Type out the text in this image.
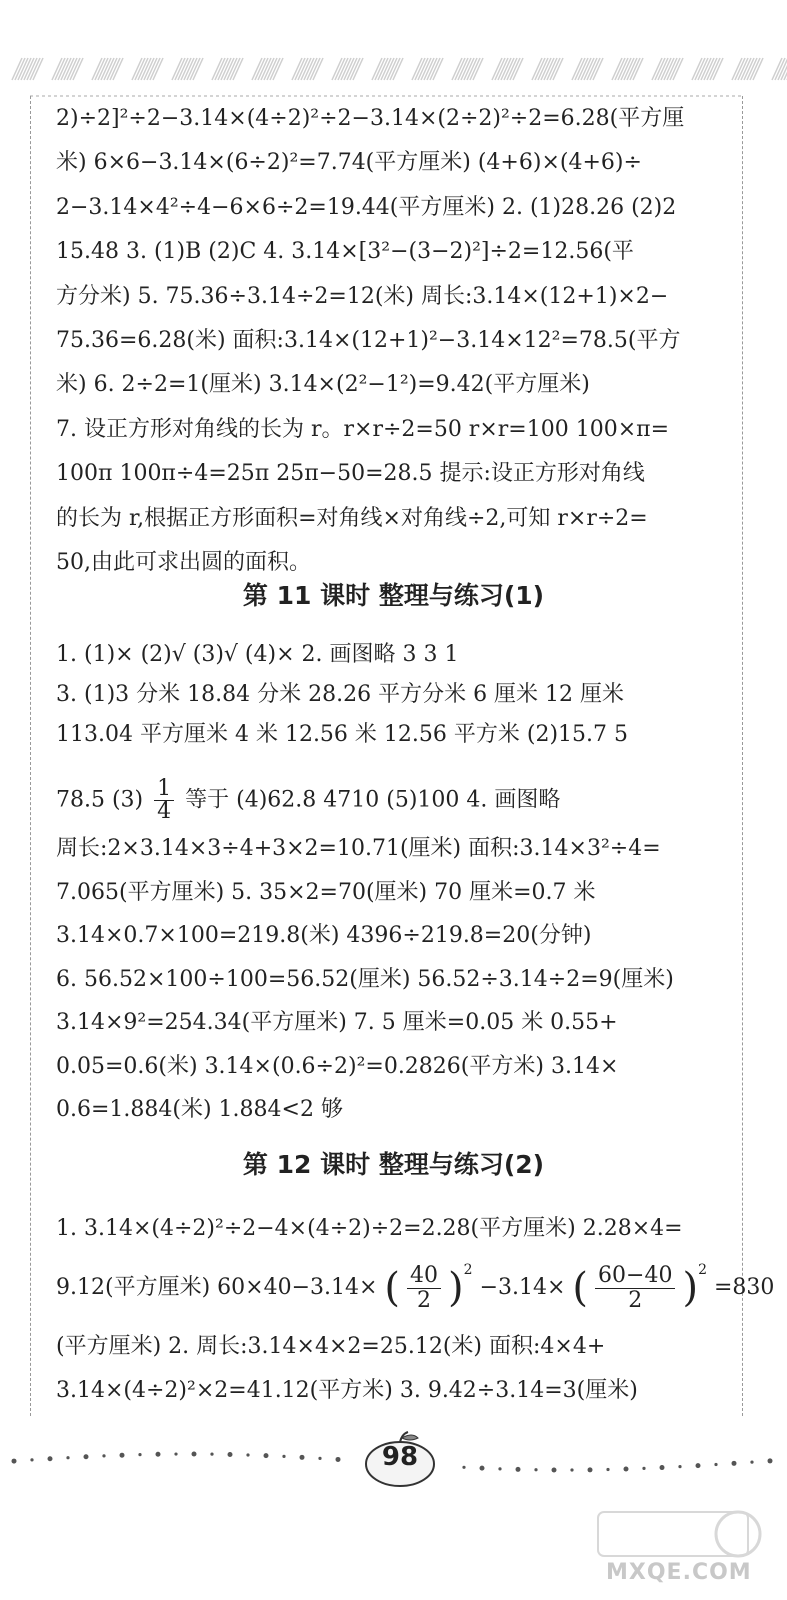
2)÷2]²÷2−3.14×(4÷2)²÷2−3.14×(2÷2)²÷2=6.28(平方厘
米) 6×6−3.14×(6÷2)²=7.74(平方厘米) (4+6)×(4+6)÷
2−3.14×4²÷4−6×6÷2=19.44(平方厘米) 2. (1)28.26 (2)2
15.48 3. (1)B (2)C 4. 3.14×[3²−(3−2)²]÷2=12.56(平
方分米) 5. 75.36÷3.14÷2=12(米) 周长:3.14×(12+1)×2−
75.36=6.28(米) 面积:3.14×(12+1)²−3.14×12²=78.5(平方
米) 6. 2÷2=1(厘米) 3.14×(2²−1²)=9.42(平方厘米)
7. 设正方形对角线的长为 r。r×r÷2=50 r×r=100 100×π=
100π 100π÷4=25π 25π−50=28.5 提示:设正方形对角线
的长为 r,根据正方形面积=对角线×对角线÷2,可知 r×r÷2=
50,由此可求出圆的面积。
第 11 课时 整理与练习(1)
1. (1)× (2)√ (3)√ (4)× 2. 画图略 3 3 1
3. (1)3 分米 18.84 分米 28.26 平方分米 6 厘米 12 厘米
113.04 平方厘米 4 米 12.56 米 12.56 平方米 (2)15.7 5
78.5 $(3) \frac{1}{4}$ 等于 (4)62.8 4710 (5)100 4. 画图略
周长:2×3.14×3÷4+3×2=10.71(厘米) 面积:3.14×3²÷4=
7.065(平方厘米) 5. 35×2=70(厘米) 70 厘米=0.7 米
3.14×0.7×100=219.8(米) 4396÷219.8=20(分钟)
6. 56.52×100÷100=56.52(厘米) 56.52÷3.14÷2=9(厘米)
3.14×9²=254.34(平方厘米) 7. 5 厘米=0.05 米 0.55+
0.05=0.6(米) 3.14×(0.6÷2)²=0.2826(平方米) 3.14×
0.6=1.884(米) 1.884<2 够
第 12 课时 整理与练习(2)
1. 3.14×(4÷2)²÷2−4×(4÷2)÷2=2.28(平方厘米) 2.28×4=
9.12(平方厘米) 60×40−3.14× ( $\frac{40}{2} )^2 -3.14\times$ ( $\frac{60-40}{2} )^2 =830$
(平方厘米) 2. 周长:3.14×4×2=25.12(米) 面积:4×4+
3.14×(4÷2)²×2=41.12(平方米) 3. 9.42÷3.14=3(厘米)
98
MXQE.COM
